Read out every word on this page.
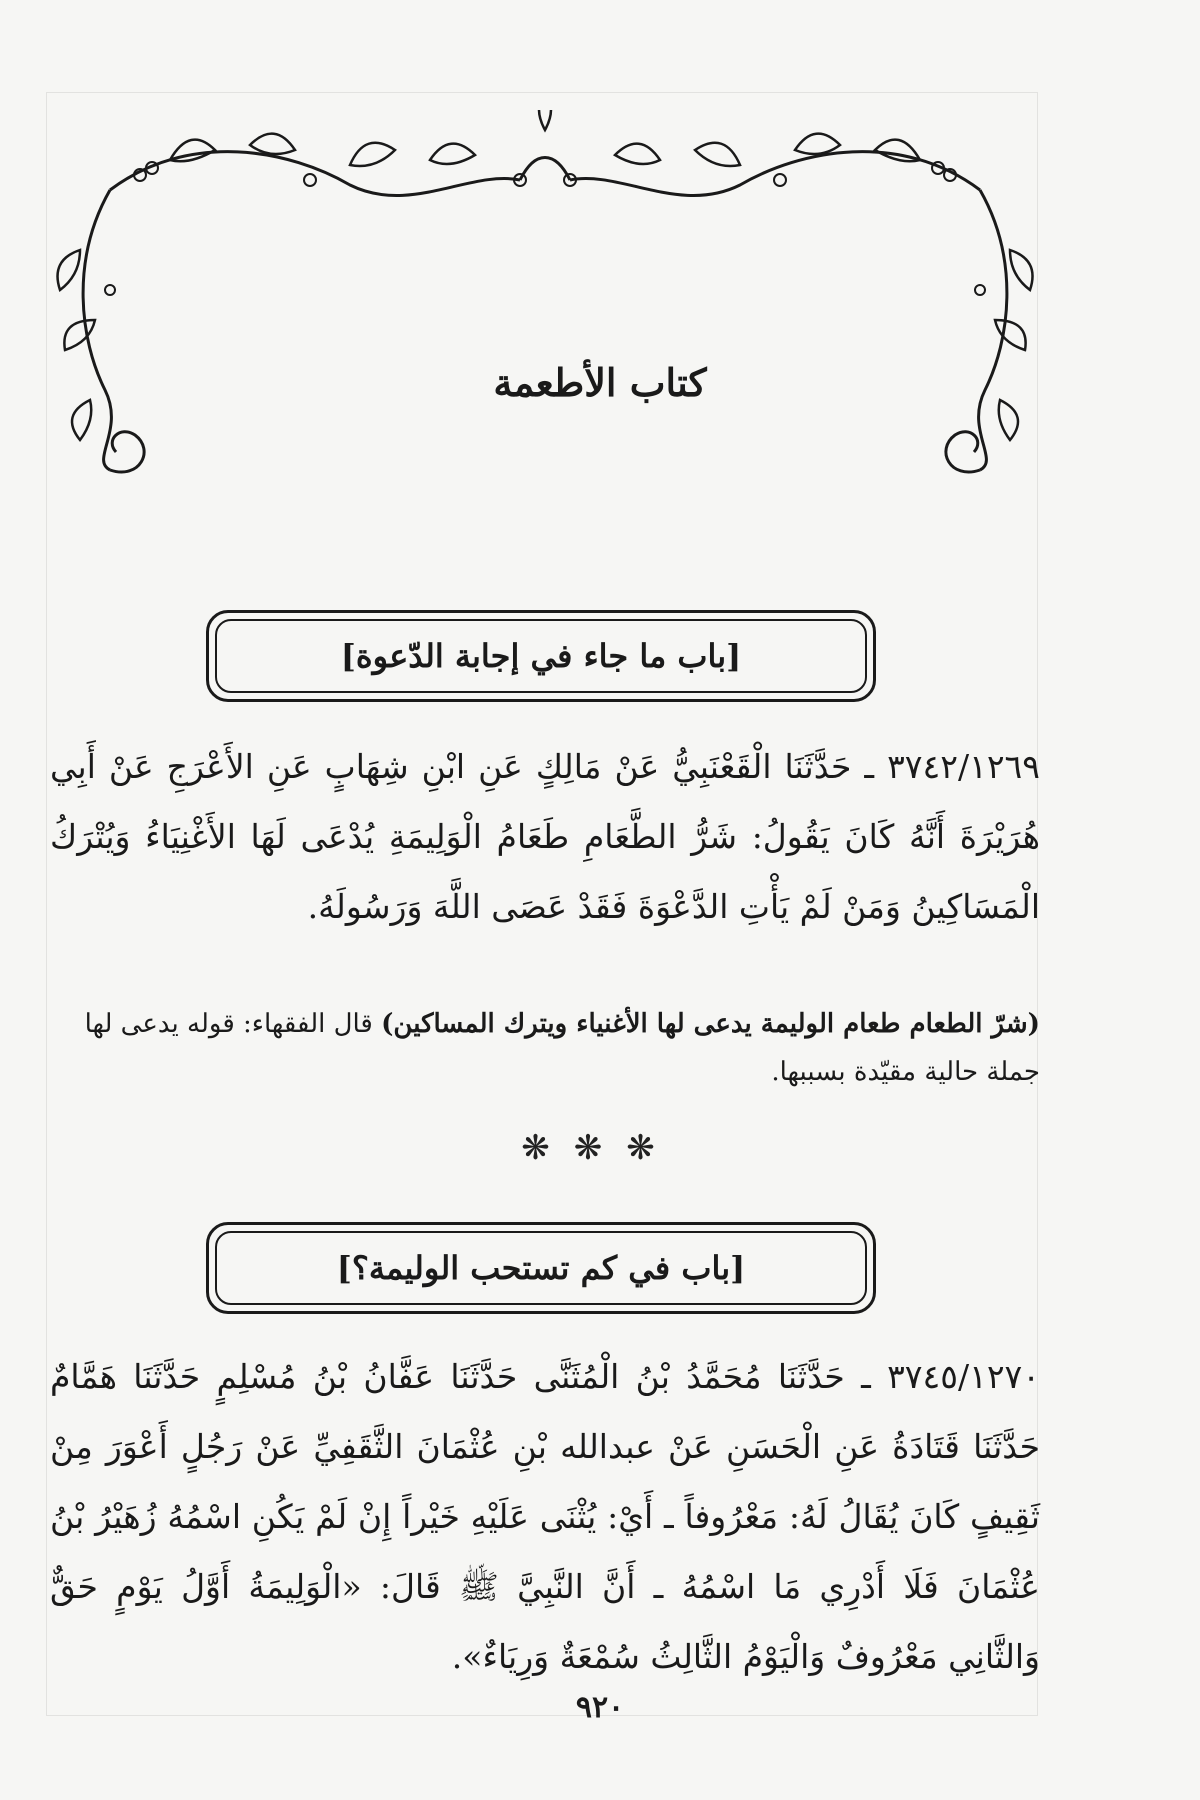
كتاب الأطعمة
[باب ما جاء في إجابة الدّعوة]
٣٧٤٢/١٢٦٩ ـ حَدَّثَنَا الْقَعْنَبِيُّ عَنْ مَالِكٍ عَنِ ابْنِ شِهَابٍ عَنِ الأَعْرَجِ عَنْ أَبِي هُرَيْرَةَ أَنَّهُ كَانَ يَقُولُ: شَرُّ الطَّعَامِ طَعَامُ الْوَلِيمَةِ يُدْعَى لَهَا الأَغْنِيَاءُ وَيُتْرَكُ الْمَسَاكِينُ وَمَنْ لَمْ يَأْتِ الدَّعْوَةَ فَقَدْ عَصَى اللَّهَ وَرَسُولَهُ.
(شرّ الطعام طعام الوليمة يدعى لها الأغنياء ويترك المساكين) قال الفقهاء: قوله يدعى لها جملة حالية مقيّدة بسببها.
❋❋❋
[باب في كم تستحب الوليمة؟]
٣٧٤٥/١٢٧٠ ـ حَدَّثَنَا مُحَمَّدُ بْنُ الْمُثَنَّى حَدَّثَنَا عَفَّانُ بْنُ مُسْلِمٍ حَدَّثَنَا هَمَّامٌ حَدَّثَنَا قَتَادَةُ عَنِ الْحَسَنِ عَنْ عبدالله بْنِ عُثْمَانَ الثَّقَفِيِّ عَنْ رَجُلٍ أَعْوَرَ مِنْ ثَقِيفٍ كَانَ يُقَالُ لَهُ: مَعْرُوفاً ـ أَيْ: يُثْنَى عَلَيْهِ خَيْراً إِنْ لَمْ يَكُنِ اسْمُهُ زُهَيْرُ بْنُ عُثْمَانَ فَلَا أَدْرِي مَا اسْمُهُ ـ أَنَّ النَّبِيَّ ﷺ قَالَ: «الْوَلِيمَةُ أَوَّلُ يَوْمٍ حَقٌّ وَالثَّانِي مَعْرُوفٌ وَالْيَوْمُ الثَّالِثُ سُمْعَةٌ وَرِيَاءٌ».
٩٢٠
